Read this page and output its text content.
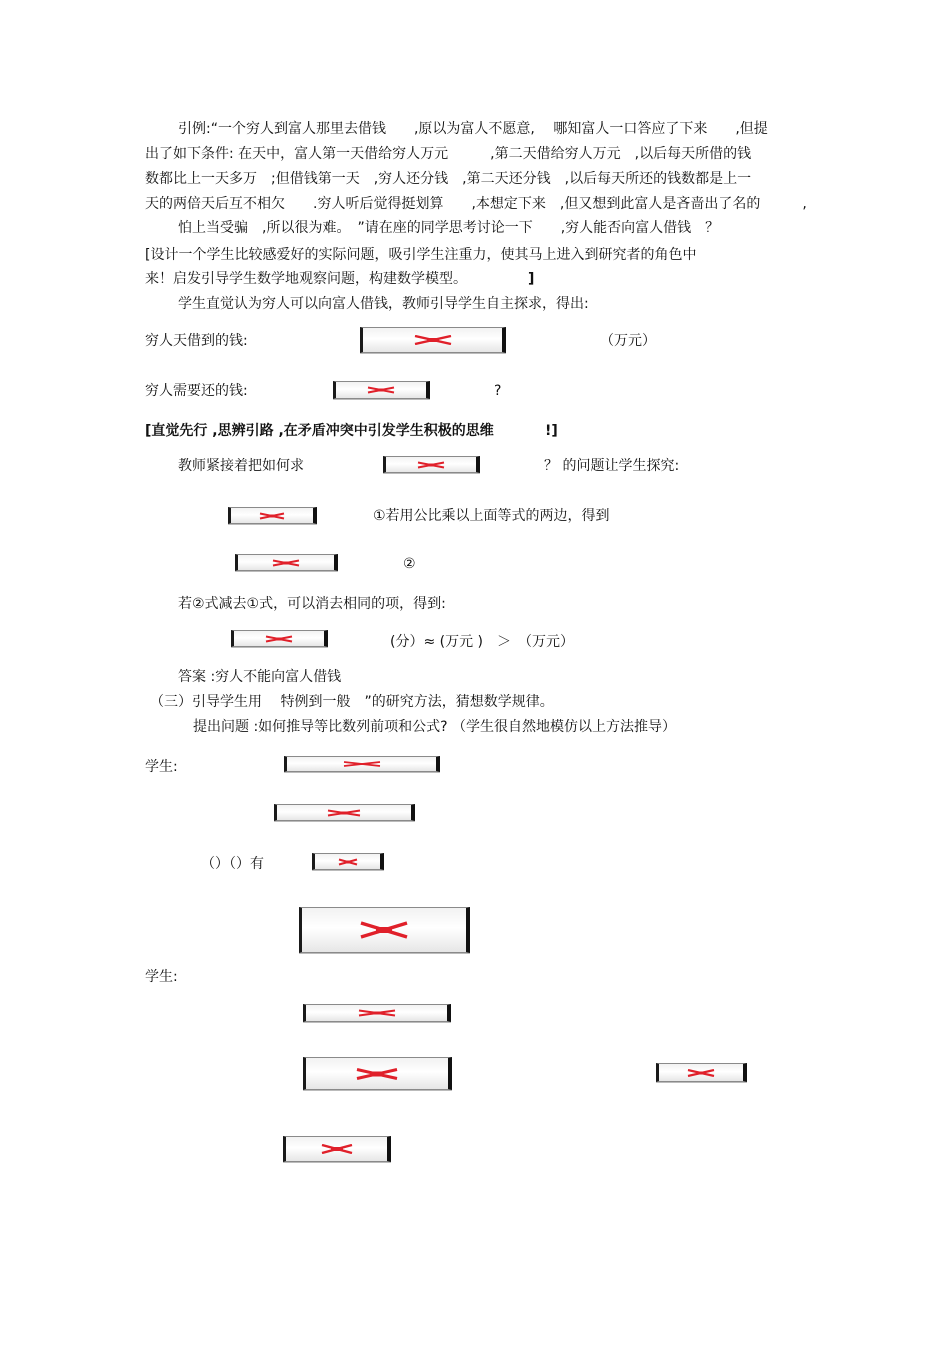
引例:“一个穷人到富人那里去借钱　　,原以为富人不愿意,　 哪知富人一口答应了下来　　,但提
出了如下条件: 在天中，富人第一天借给穷人万元　　　,第二天借给穷人万元　,以后每天所借的钱
数都比上一天多万　;但借钱第一天　,穷人还分钱　,第二天还分钱　,以后每天所还的钱数都是上一
天的两倍天后互不相欠　　.穷人听后觉得挺划算　　,本想定下来　,但又想到此富人是吝啬出了名的　　　,
怕上当受骗　,所以很为难。　”请在座的同学思考讨论一下　　,穷人能否向富人借钱　？
[设计一个学生比较感爱好的实际问题，吸引学生注重力，使其马上进入到研究者的角色中
来！启发引导学生数学地观察问题，构建数学模型。	]
学生直觉认为穷人可以向富人借钱，教师引导学生自主探求，得出:
穷人天借到的钱:	（万元）
穷人需要还的钱:	?
[直觉先行 ,思辨引路 ,在矛盾冲突中引发学生积极的思维	!]
教师紧接着把如何求	？ 的问题让学生探究:
①若用公比乘以上面等式的两边，得到
②
若②式减去①式，可以消去相同的项，得到:
(分）≈ (万元 )　＞　（万元）
答案 :穷人不能向富人借钱
（三）引导学生用　 特例到一般　”的研究方法，猜想数学规律。
提出问题 :如何推导等比数列前项和公式? （学生很自然地模仿以上方法推导）
学生:
（）（）有
学生:
